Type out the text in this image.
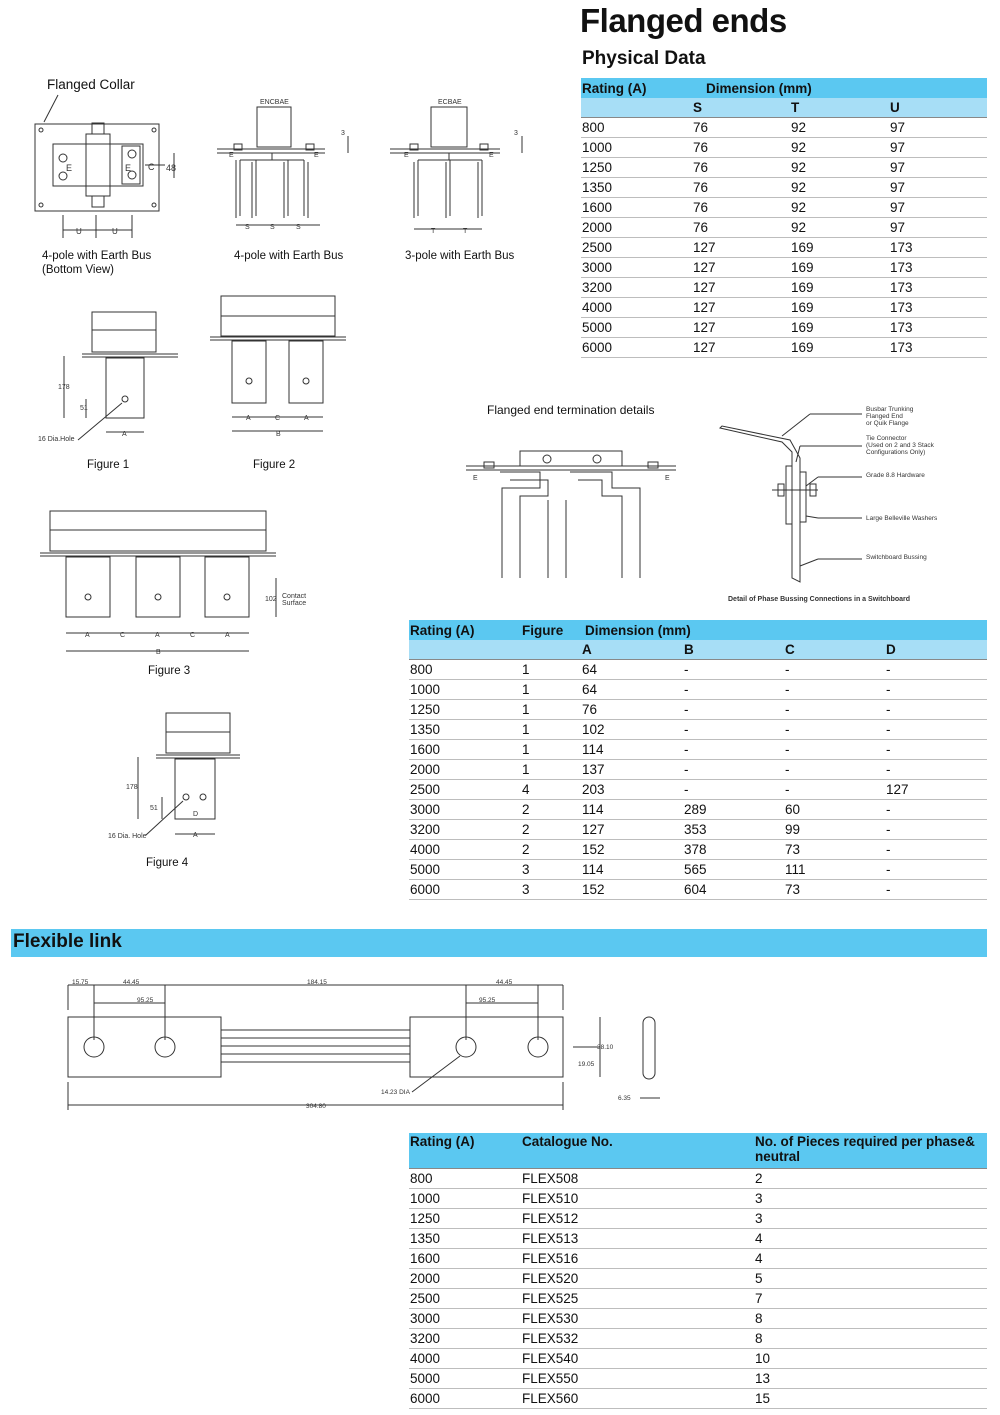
Flanged ends
Physical Data
Rating (A)	Dimension (mm)		
	S	T	U
800	76	92	97
1000	76	92	97
1250	76	92	97
1350	76	92	97
1600	76	92	97
2000	76	92	97
2500	127	169	173
3000	127	169	173
3200	127	169	173
4000	127	169	173
5000	127	169	173
6000	127	169	173
Rating (A)	Figure	Dimension (mm)			
		A	B	C	D
800	1	64	-	-	-
1000	1	64	-	-	-
1250	1	76	-	-	-
1350	1	102	-	-	-
1600	1	114	-	-	-
2000	1	137	-	-	-
2500	4	203	-	-	127
3000	2	114	289	60	-
3200	2	127	353	99	-
4000	2	152	378	73	-
5000	3	114	565	111	-
6000	3	152	604	73	-
Rating (A)	Catalogue No.	No. of Pieces required per phase&
neutral
800	FLEX508	2
1000	FLEX510	3
1250	FLEX512	3
1350	FLEX513	4
1600	FLEX516	4
2000	FLEX520	5
2500	FLEX525	7
3000	FLEX530	8
3200	FLEX532	8
4000	FLEX540	10
5000	FLEX550	13
6000	FLEX560	15
Flexible link
Flanged Collar
4-pole with Earth Bus
(Bottom View)
4-pole with Earth Bus	3-pole with Earth Bus
Figure 1	Figure 2
Figure 3
Figure 4
Flanged end termination details
E	E C 48
U	U
ENCBAE
E	E
S	S	S
3
ECBAE
E	E
T	T
3
178
51
16 Dia.Hole
A
A	C	A
B
A	C	A	C	A
B
102 Contact
Surface
178
51
16 Dia. Hole
D
A
E	E
Busbar Trunking
Flanged End
or Quik Flange
Tie Connector
(Used on 2 and 3 Stack
Configurations Only)
Grade 8.8 Hardware
Large Belleville Washers
Switchboard Bussing
Detail of Phase Bussing Connections in a Switchboard
15.75	44.45	184.15	44.45
95.25	95.25
38.10
19.05
14.23 DIA
304.80
6.35
